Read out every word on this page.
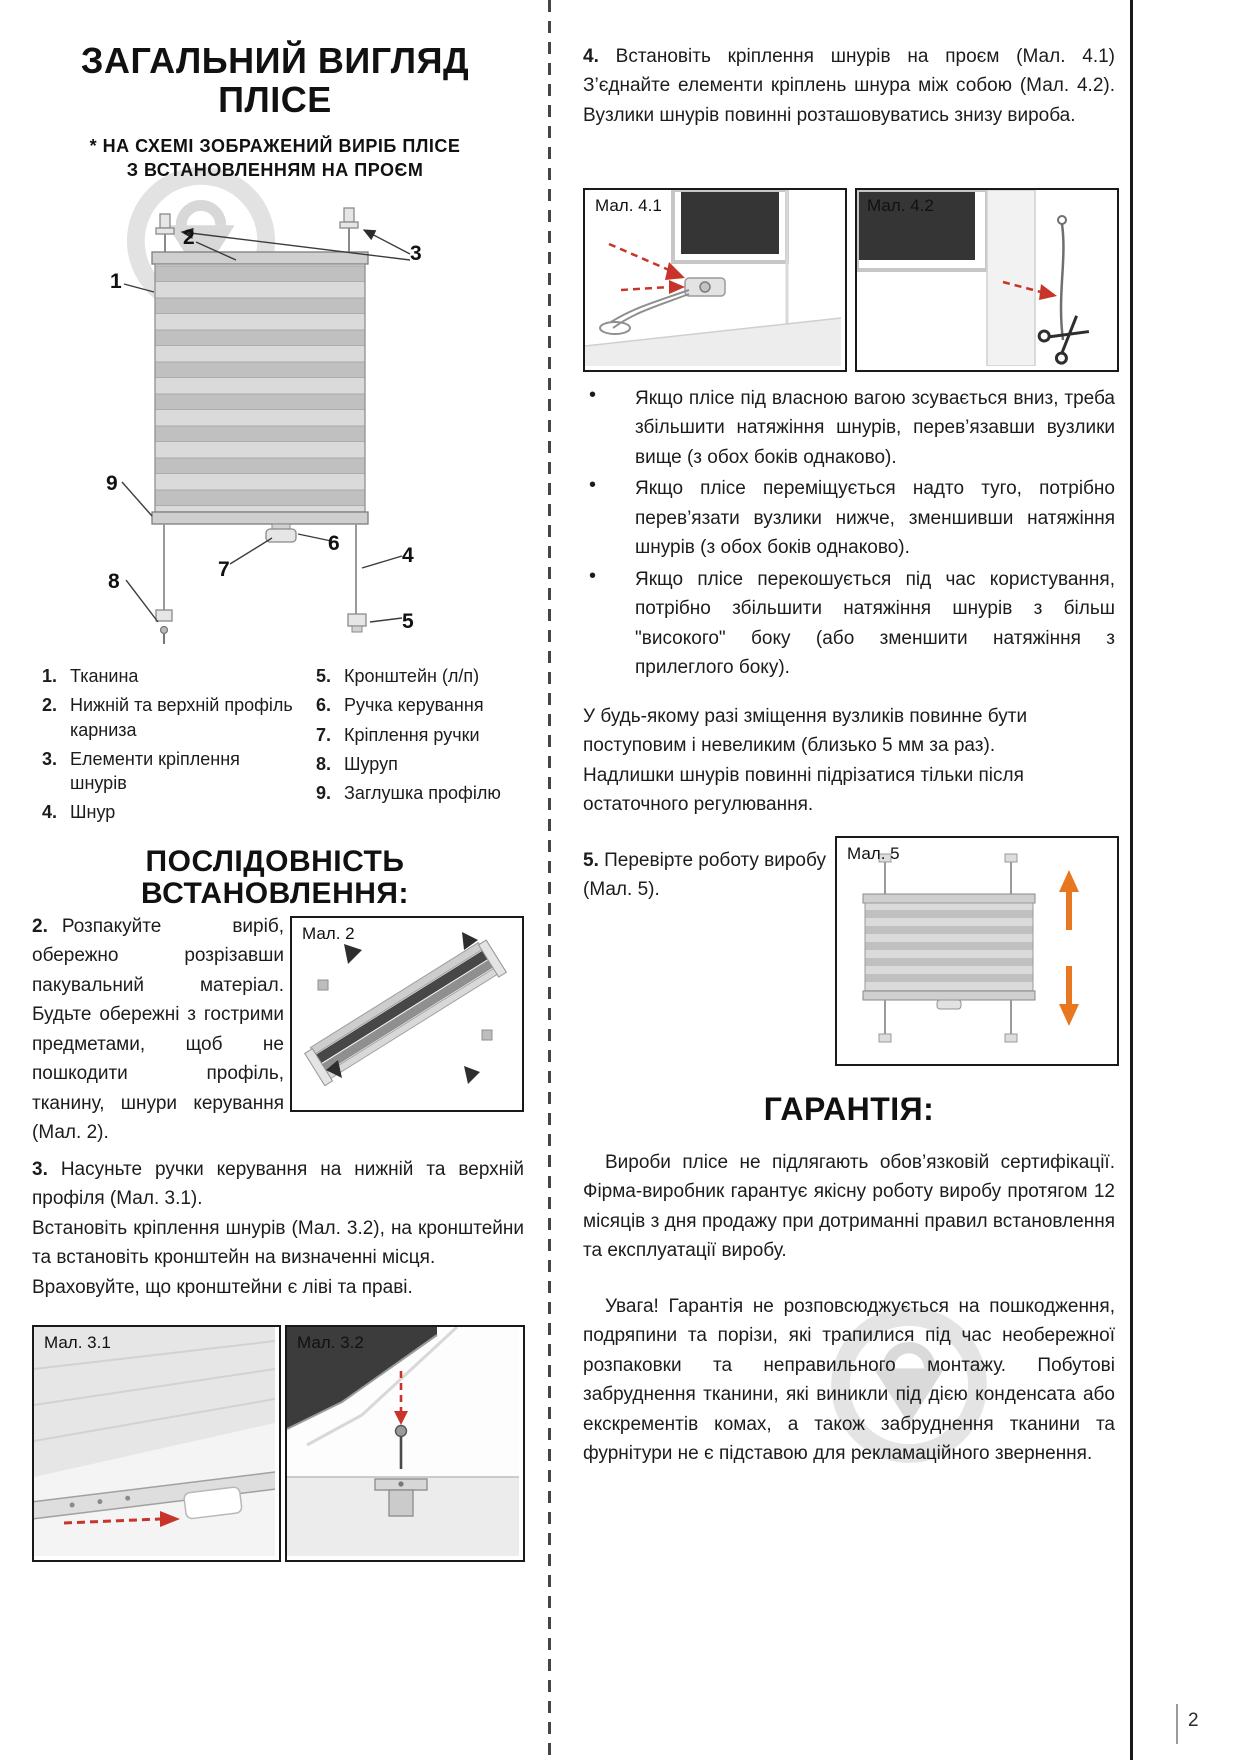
ЗАГАЛЬНИЙ ВИГЛЯД
ПЛІСЕ
* НА СХЕМІ ЗОБРАЖЕНИЙ ВИРІБ ПЛІСЕ
З ВСТАНОВЛЕННЯМ НА ПРОЄМ
1
2
3
4
5
6
7
8
9
1. Тканина
2. Нижній та верхній профіль карниза
3. Елементи кріплення шнурів
4. Шнур
5. Кронштейн (л/п)
6. Ручка керування
7. Кріплення ручки
8. Шуруп
9. Заглушка профілю
ПОСЛІДОВНІСТЬ ВСТАНОВЛЕННЯ:
2. Розпакуйте виріб, обережно розрізавши пакувальний матеріал. Будьте обережні з гострими предметами, щоб не пошкодити профіль, тканину, шнури керування (Мал. 2).
Мал. 2
3. Насуньте ручки керування на нижній та верхній профіля (Мал. 3.1).
Встановіть кріплення шнурів (Мал. 3.2), на кронштейни та встановіть кронштейн на визначенні місця.
Враховуйте, що кронштейни є ліві та праві.
Мал. 3.1	Мал. 3.2
4. Встановіть кріплення шнурів на проєм (Мал. 4.1) З’єднайте елементи кріплень шнура між собою (Мал. 4.2). Вузлики шнурів повинні розташовуватись знизу вироба.
Мал. 4.1	Мал. 4.2
•	Якщо плісе під власною вагою зсувається вниз, треба збільшити натяжіння шнурів, перев’язавши вузлики вище (з обох боків однаково).
•	Якщо плісе переміщується надто туго, потрібно перев’язати вузлики нижче, зменшивши натяжіння шнурів (з обох боків однаково).
•	Якщо плісе перекошується під час користування, потрібно збільшити натяжіння шнурів з більш "високого" боку (або зменшити натяжіння з прилеглого боку).
У будь-якому разі зміщення вузликів повинне бути поступовим і невеликим (близько 5 мм за раз).
Надлишки шнурів повинні підрізатися тільки після остаточного регулювання.
5. Перевірте роботу виробу (Мал. 5).
Мал. 5
ГАРАНТІЯ:
Вироби плісе не підлягають обов’язковій сертифікації. Фірма-виробник гарантує якісну роботу виробу протягом 12 місяців з дня продажу при дотриманні правил встановлення та експлуатації виробу.
Увага! Гарантія не розповсюджується на пошкодження, подряпини та порізи, які трапилися під час необережної розпаковки та неправильного монтажу. Побутові забруднення тканини, які виникли під дією конденсата або екскрементів комах, а також забруднення тканини та фурнітури не є підставою для рекламаційного звернення.
2
